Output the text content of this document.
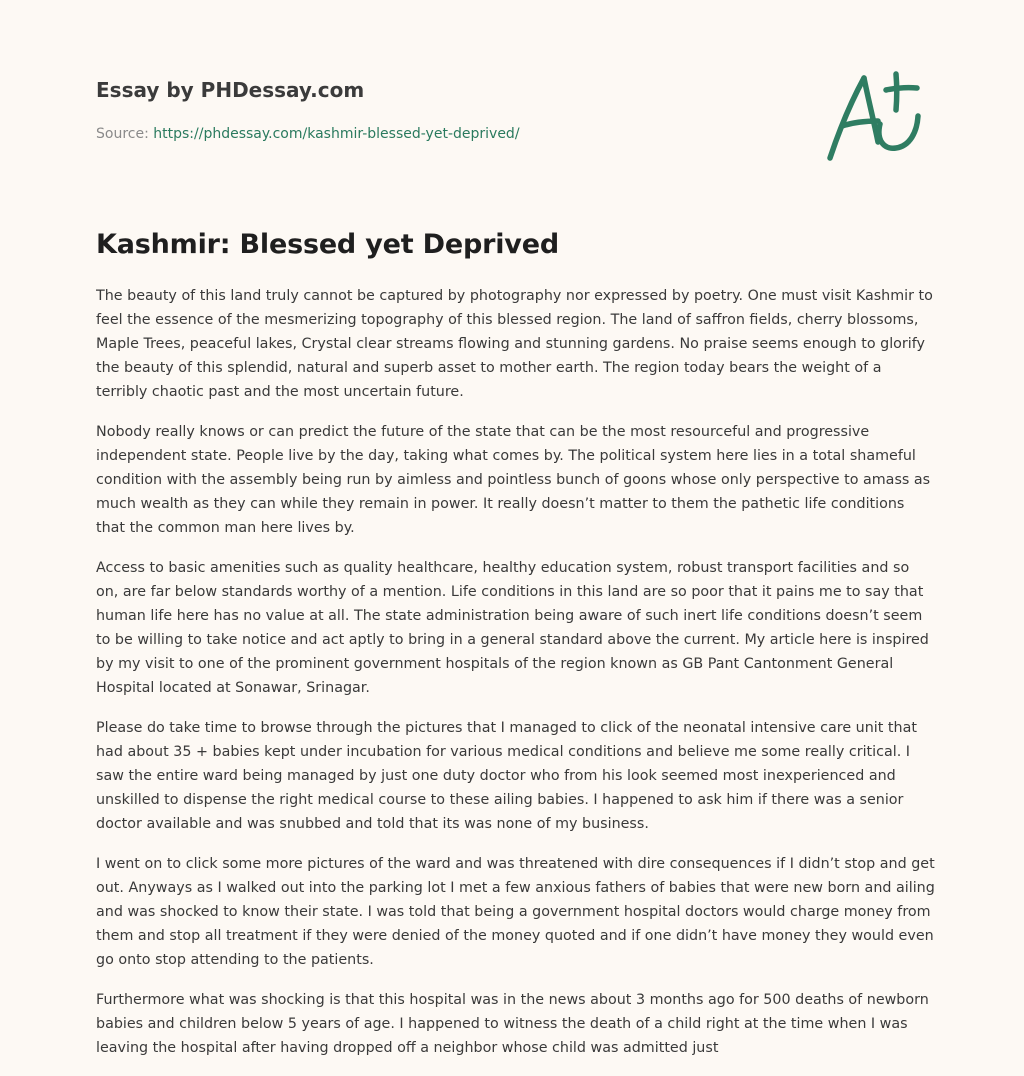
Essay by PHDessay.com
Source: https://phdessay.com/kashmir-blessed-yet-deprived/
Kashmir: Blessed yet Deprived

The beauty of this land truly cannot be captured by photography nor expressed by poetry. One must visit Kashmir to feel the essence of the mesmerizing topography of this blessed region. The land of saffron fields, cherry blossoms, Maple Trees, peaceful lakes, Crystal clear streams flowing and stunning gardens. No praise seems enough to glorify the beauty of this splendid, natural and superb asset to mother earth. The region today bears the weight of a terribly chaotic past and the most uncertain future.

Nobody really knows or can predict the future of the state that can be the most resourceful and progressive independent state. People live by the day, taking what comes by. The political system here lies in a total shameful condition with the assembly being run by aimless and pointless bunch of goons whose only perspective to amass as much wealth as they can while they remain in power. It really doesn’t matter to them the pathetic life conditions that the common man here lives by.

Access to basic amenities such as quality healthcare, healthy education system, robust transport facilities and so on, are far below standards worthy of a mention. Life conditions in this land are so poor that it pains me to say that human life here has no value at all. The state administration being aware of such inert life conditions doesn’t seem to be willing to take notice and act aptly to bring in a general standard above the current. My article here is inspired by my visit to one of the prominent government hospitals of the region known as GB Pant Cantonment General Hospital located at Sonawar, Srinagar.

Please do take time to browse through the pictures that I managed to click of the neonatal intensive care unit that had about 35 + babies kept under incubation for various medical conditions and believe me some really critical. I saw the entire ward being managed by just one duty doctor who from his look seemed most inexperienced and unskilled to dispense the right medical course to these ailing babies. I happened to ask him if there was a senior doctor available and was snubbed and told that its was none of my business.

I went on to click some more pictures of the ward and was threatened with dire consequences if I didn’t stop and get out. Anyways as I walked out into the parking lot I met a few anxious fathers of babies that were new born and ailing and was shocked to know their state. I was told that being a government hospital doctors would charge money from them and stop all treatment if they were denied of the money quoted and if one didn’t have money they would even go onto stop attending to the patients.

Furthermore what was shocking is that this hospital was in the news about 3 months ago for 500 deaths of newborn babies and children below 5 years of age. I happened to witness the death of a child right at the time when I was leaving the hospital after having dropped off a neighbor whose child was admitted just
